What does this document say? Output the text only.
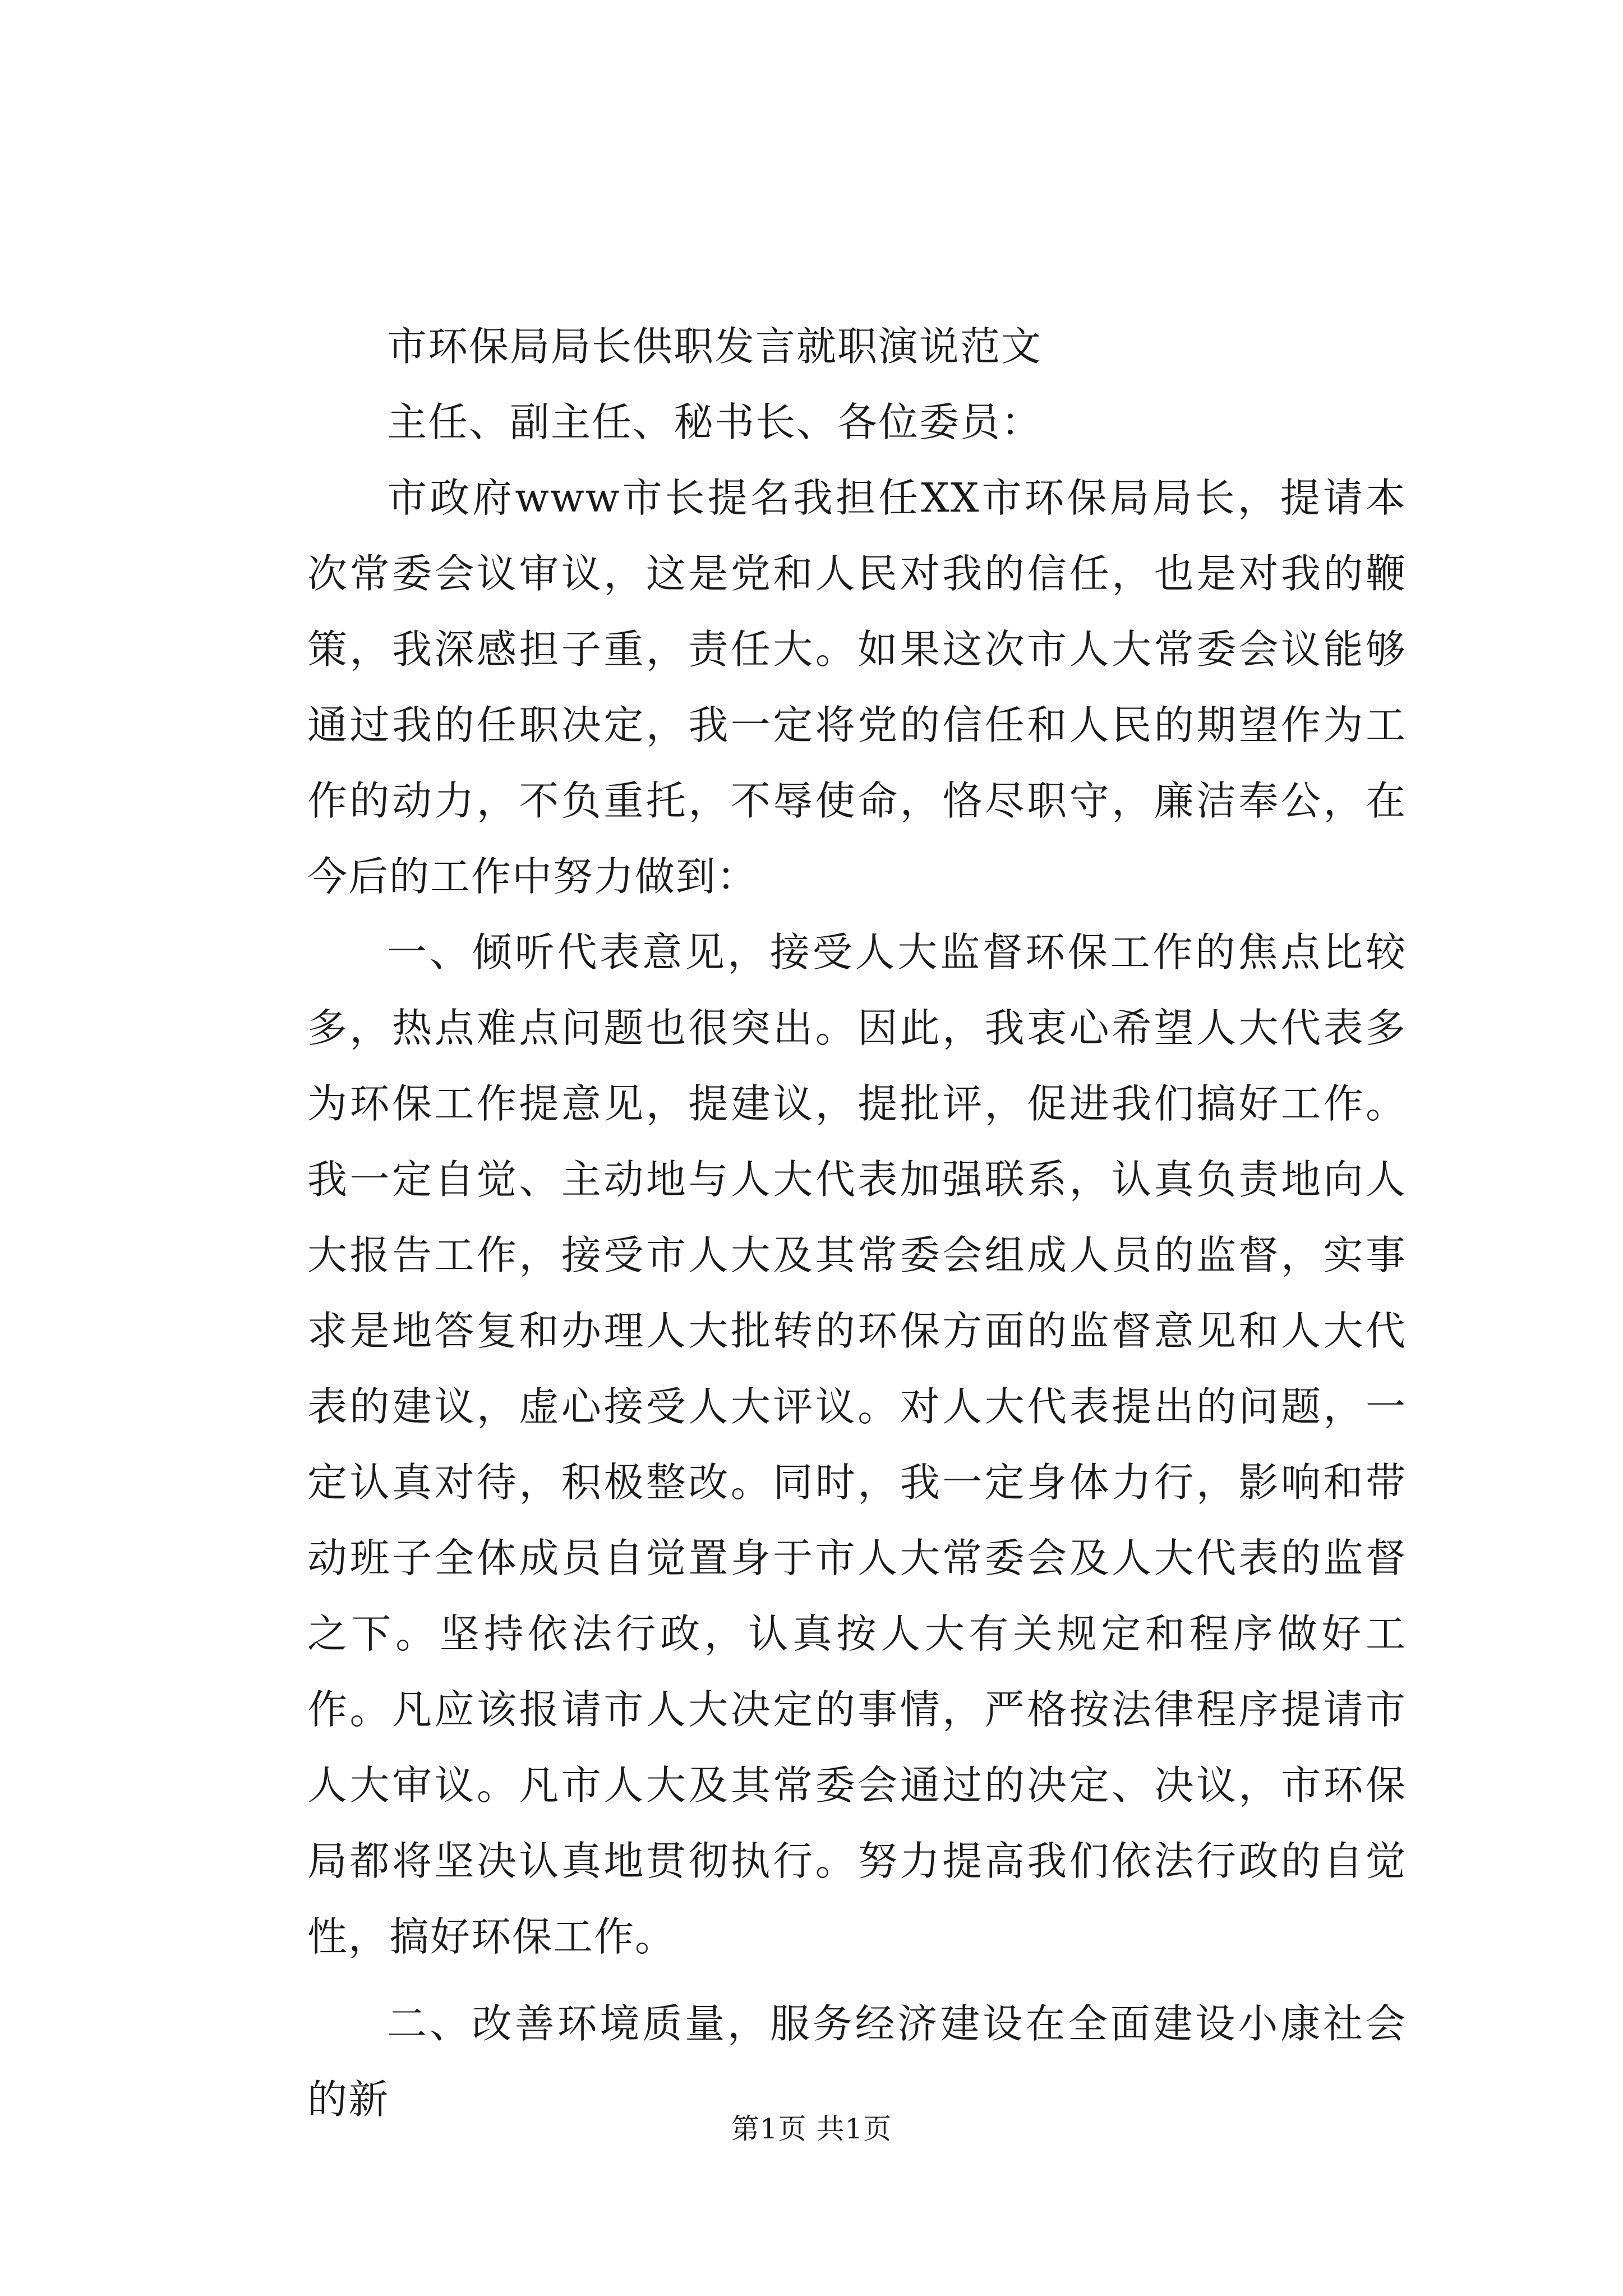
市环保局局长供职发言就职演说范文

主任、副主任、秘书长、各位委员：

市政府www市长提名我担任XX市环保局局长，提请本次常委会议审议，这是党和人民对我的信任，也是对我的鞭策，我深感担子重，责任大。如果这次市人大常委会议能够通过我的任职决定，我一定将党的信任和人民的期望作为工作的动力，不负重托，不辱使命，恪尽职守，廉洁奉公，在今后的工作中努力做到：

一、倾听代表意见，接受人大监督环保工作的焦点比较多，热点难点问题也很突出。因此，我衷心希望人大代表多为环保工作提意见，提建议，提批评，促进我们搞好工作。我一定自觉、主动地与人大代表加强联系，认真负责地向人大报告工作，接受市人大及其常委会组成人员的监督，实事求是地答复和办理人大批转的环保方面的监督意见和人大代表的建议，虚心接受人大评议。对人大代表提出的问题，一定认真对待，积极整改。同时，我一定身体力行，影响和带动班子全体成员自觉置身于市人大常委会及人大代表的监督之下。坚持依法行政，认真按人大有关规定和程序做好工作。凡应该报请市人大决定的事情，严格按法律程序提请市人大审议。凡市人大及其常委会通过的决定、决议，市环保局都将坚决认真地贯彻执行。努力提高我们依法行政的自觉性，搞好环保工作。

二、改善环境质量，服务经济建设在全面建设小康社会的新

第1页 共1页
